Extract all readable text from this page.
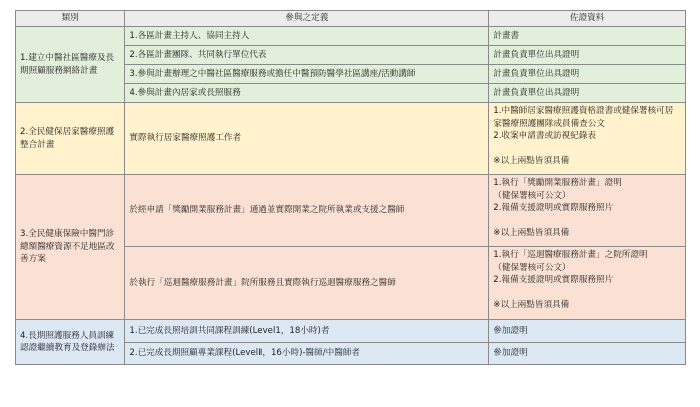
類別	參與之定義	佐證資料
1.建立中醫社區醫療及長期照顧服務網絡計畫	1.各區計畫主持人、協同主持人	計畫書
	2.各區計畫團隊、共同執行單位代表	計畫負責單位出具證明
	3.參與計畫辦理之中醫社區醫療服務或擔任中醫預防醫學社區講座/活動講師	計畫負責單位出具證明
	4.參與計畫內居家或長照服務	計畫負責單位出具證明
2.全民健保居家醫療照護整合計畫	實際執行居家醫療照護工作者	1.中醫師居家醫療照護資格證書或健保署核可居家醫療照護團隊成員備查公文
2.收案申請書或訪視紀錄表

※以上兩點皆須具備
3.全民健康保險中醫門診總額醫療資源不足地區改善方案	於經申請「獎勵開業服務計畫」通過並實際開業之院所執業或支援之醫師	1.執行「獎勵開業服務計畫」證明
（健保署核可公文）
2.報備支援證明或實際服務照片

※以上兩點皆須具備
	於執行「巡迴醫療服務計畫」院所服務且實際執行巡迴醫療服務之醫師	1.執行「巡迴醫療服務計畫」之院所證明
（健保署核可公文）
2.報備支援證明或實際服務照片

※以上兩點皆須具備
4.長期照護服務人員訓練認證繼續教育及登錄辦法	1.已完成長照培訓共同課程訓練(Level1，18小時)者	參加證明
	2.已完成長期照顧專業課程(LevelⅡ，16小時)-醫師/中醫師者	參加證明
